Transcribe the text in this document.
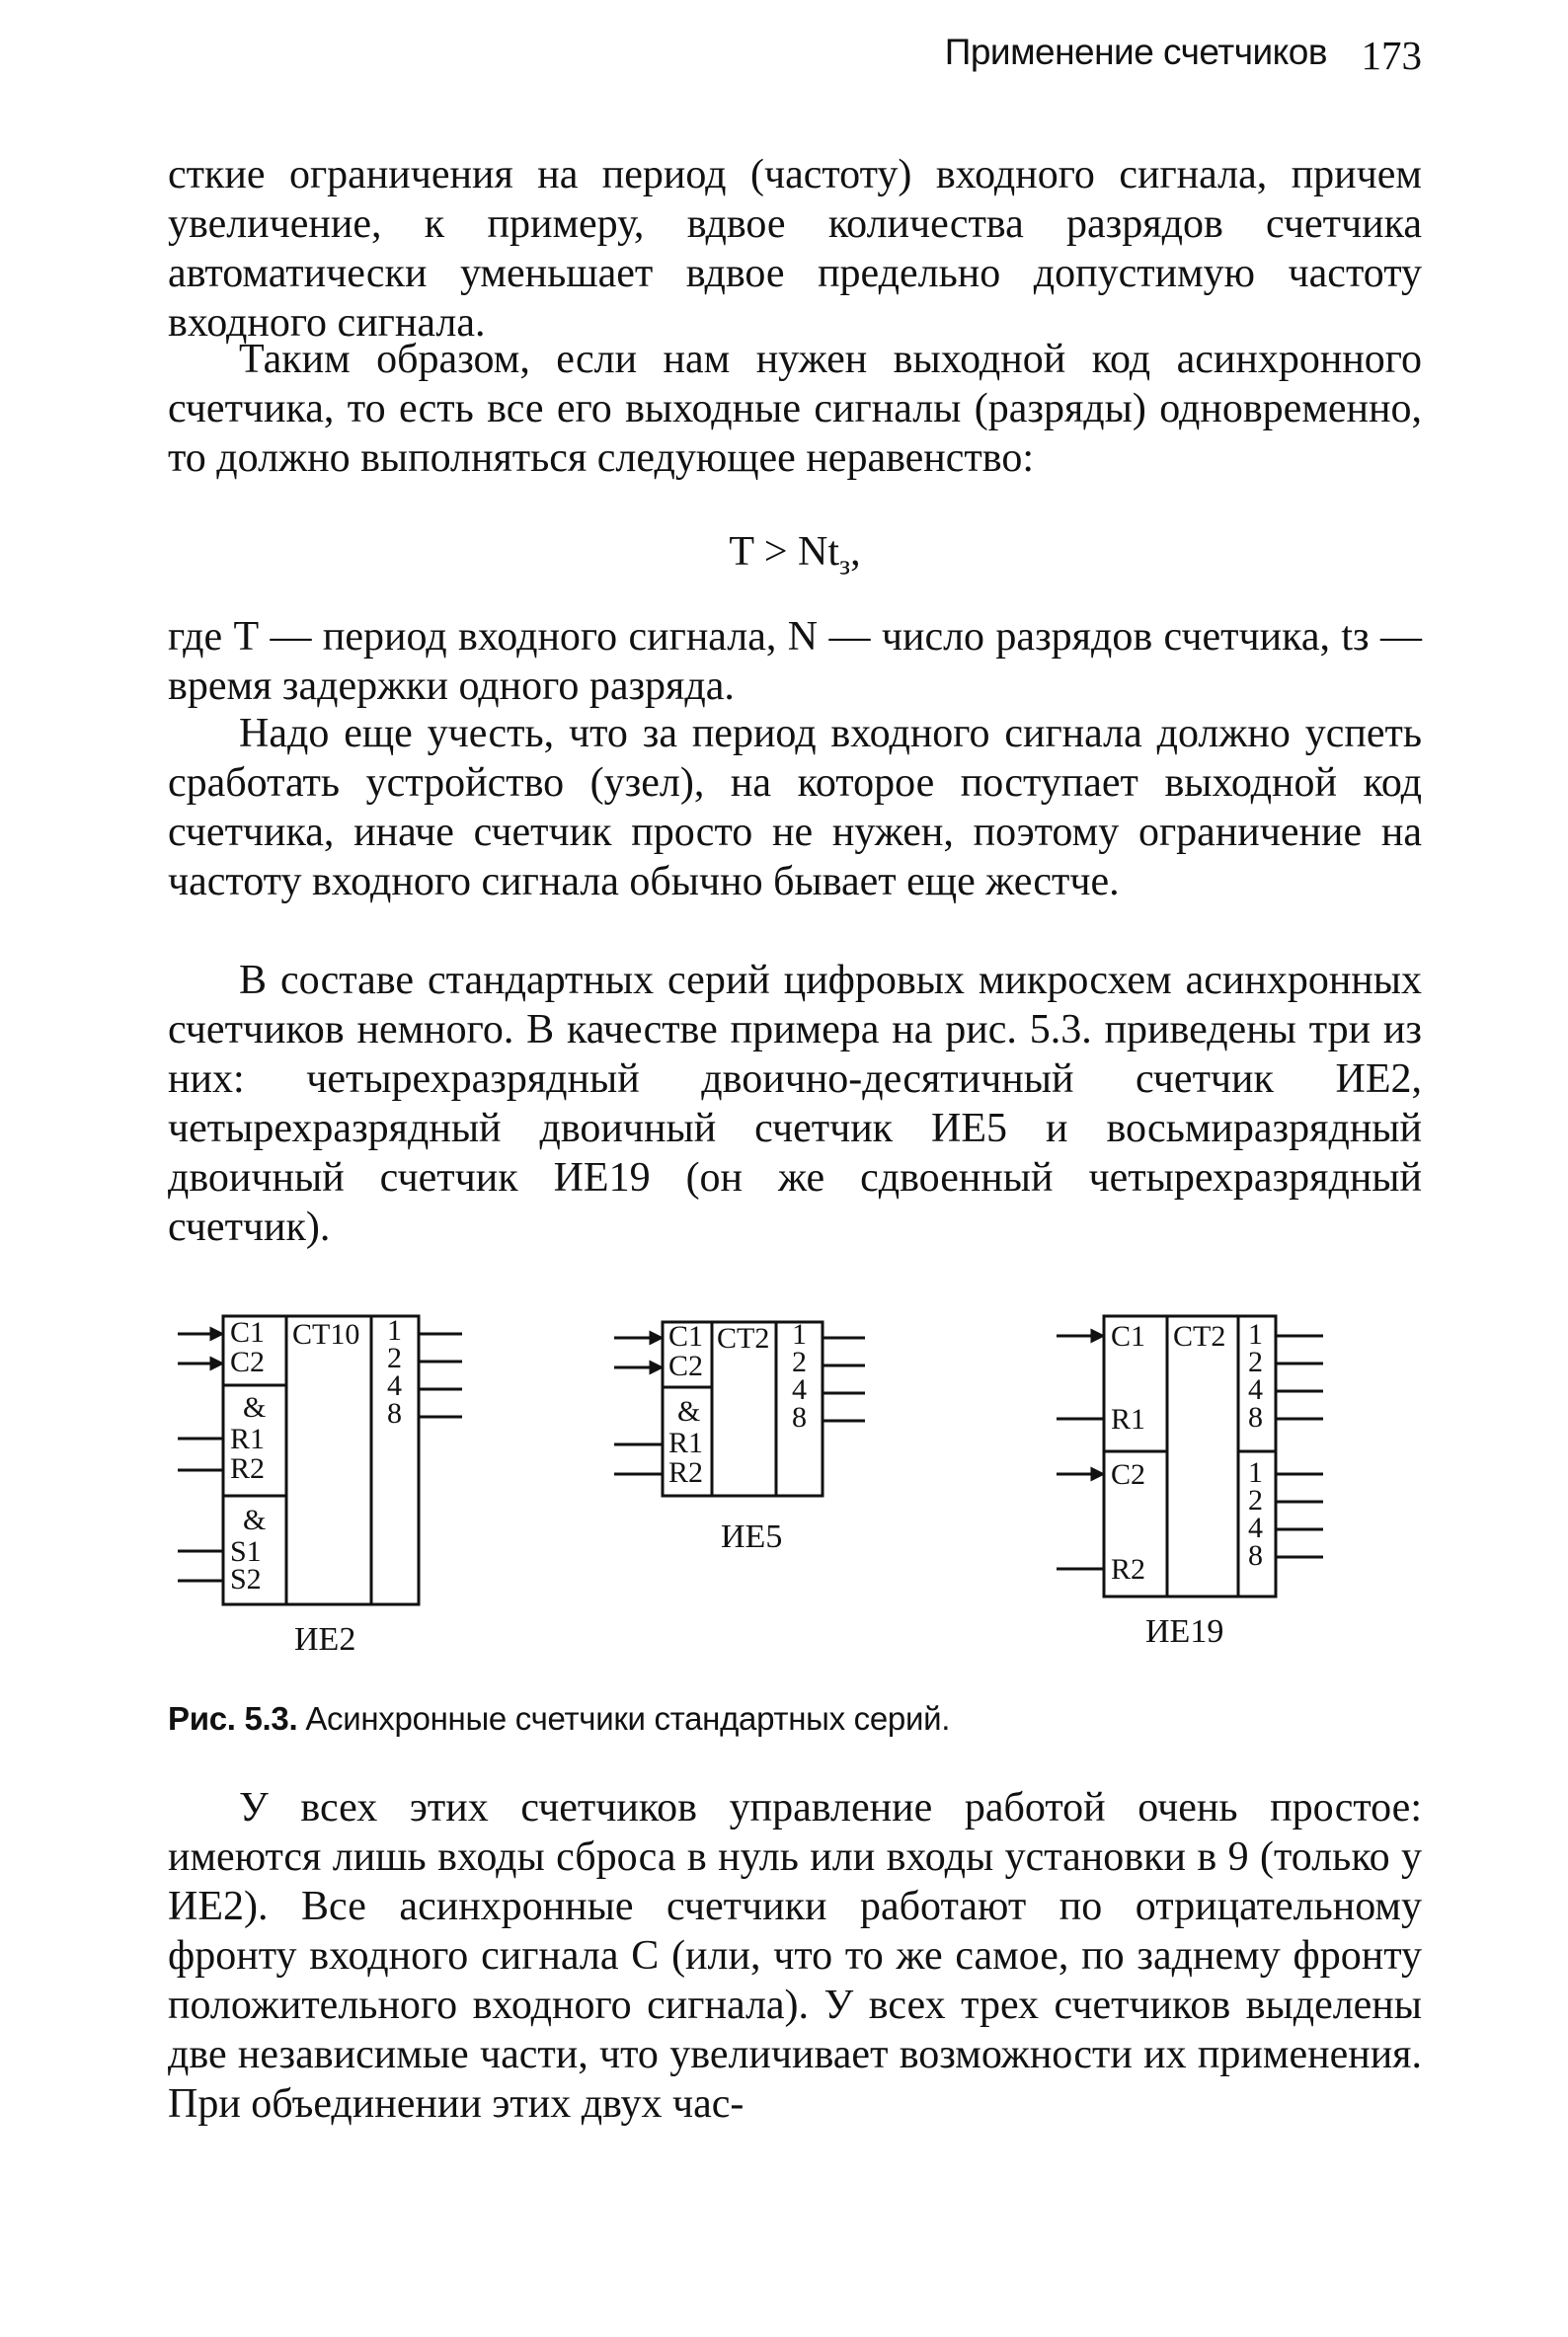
Применение счетчиков 173

сткие ограничения на период (частоту) входного сигнала, причем увеличение, к примеру, вдвое количества разрядов счетчика автоматически уменьшает вдвое предельно допустимую частоту входного сигнала.

Таким образом, если нам нужен выходной код асинхронного счетчика, то есть все его выходные сигналы (разряды) одновременно, то должно выполняться следующее неравенство:

$T > Nt_з$,

где Т — период входного сигнала, N — число разрядов счетчика, tз — время задержки одного разряда.

Надо еще учесть, что за период входного сигнала должно успеть сработать устройство (узел), на которое поступает выходной код счетчика, иначе счетчик просто не нужен, поэтому ограничение на частоту входного сигнала обычно бывает еще жестче.

В составе стандартных серий цифровых микросхем асинхронных счетчиков немного. В качестве примера на рис. 5.3. приведены три из них: четырехразрядный двоично-десятичный счетчик ИЕ2, четырехразрядный двоичный счетчик ИЕ5 и восьмиразрядный двоичный счетчик ИЕ19 (он же сдвоенный четырехразрядный счетчик).

C1
C2
&
R1
R2
&
S1
S2
СТ10 1
2
4
8
ИЕ2
C1
C2
&
R1
R2
СТ2 1
2
4
8
ИЕ5
C1
R1
C2
R2
СТ2 1
2
4
8
1
2
4
8
ИЕ19
Рис. 5.3. Асинхронные счетчики стандартных серий.

У всех этих счетчиков управление работой очень простое: имеются лишь входы сброса в нуль или входы установки в 9 (только у ИЕ2). Все асинхронные счетчики работают по отрицательному фронту входного сигнала С (или, что то же самое, по заднему фронту положительного входного сигнала). У всех трех счетчиков выделены две независимые части, что увеличивает возможности их применения. При объединении этих двух час-
